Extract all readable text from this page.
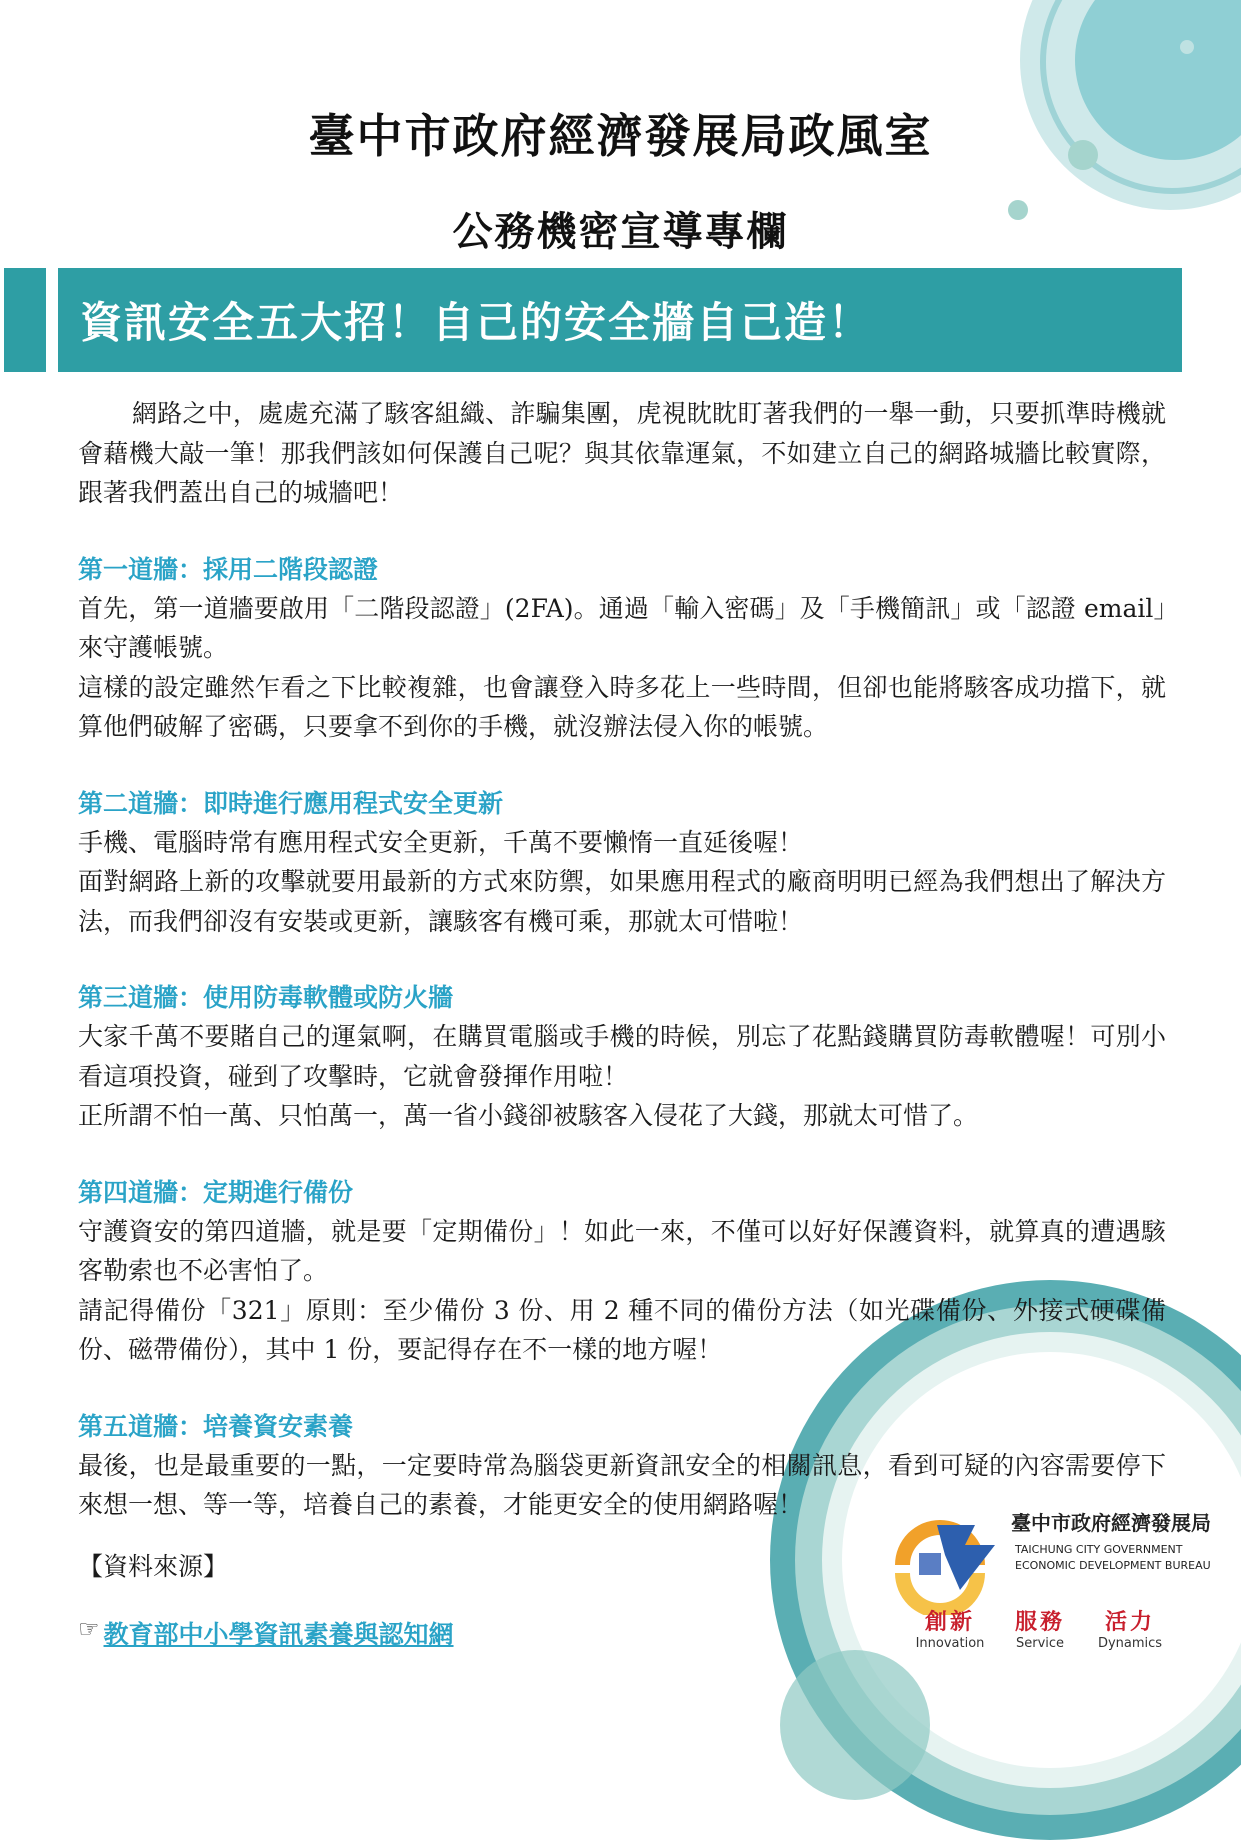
臺中市政府經濟發展局政風室
公務機密宣導專欄
資訊安全五大招！自己的安全牆自己造！

網路之中，處處充滿了駭客組織、詐騙集團，虎視眈眈盯著我們的一舉一動，只要抓準時機就會藉機大敲一筆！那我們該如何保護自己呢？與其依靠運氣，不如建立自己的網路城牆比較實際，跟著我們蓋出自己的城牆吧！

第一道牆：採用二階段認證

首先，第一道牆要啟用「二階段認證」(2FA)。通過「輸入密碼」及「手機簡訊」或「認證 email」來守護帳號。

這樣的設定雖然乍看之下比較複雜，也會讓登入時多花上一些時間，但卻也能將駭客成功擋下，就算他們破解了密碼，只要拿不到你的手機，就沒辦法侵入你的帳號。

第二道牆：即時進行應用程式安全更新

手機、電腦時常有應用程式安全更新，千萬不要懶惰一直延後喔！

面對網路上新的攻擊就要用最新的方式來防禦，如果應用程式的廠商明明已經為我們想出了解決方法，而我們卻沒有安裝或更新，讓駭客有機可乘，那就太可惜啦！

第三道牆：使用防毒軟體或防火牆

大家千萬不要賭自己的運氣啊，在購買電腦或手機的時候，別忘了花點錢購買防毒軟體喔！可別小看這項投資，碰到了攻擊時，它就會發揮作用啦！

正所謂不怕一萬、只怕萬一，萬一省小錢卻被駭客入侵花了大錢，那就太可惜了。

第四道牆：定期進行備份

守護資安的第四道牆，就是要「定期備份」！如此一來，不僅可以好好保護資料，就算真的遭遇駭客勒索也不必害怕了。

請記得備份「321」原則：至少備份 3 份、用 2 種不同的備份方法（如光碟備份、外接式硬碟備份、磁帶備份），其中 1 份，要記得存在不一樣的地方喔！

第五道牆：培養資安素養

最後，也是最重要的一點，一定要時常為腦袋更新資訊安全的相關訊息，看到可疑的內容需要停下來想一想、等一等，培養自己的素養，才能更安全的使用網路喔！

【資料來源】

☞ 教育部中小學資訊素養與認知網
臺中市政府經濟發展局
TAICHUNG CITY GOVERNMENT
ECONOMIC DEVELOPMENT BUREAU
創新
Innovation
服務
Service
活力
Dynamics
